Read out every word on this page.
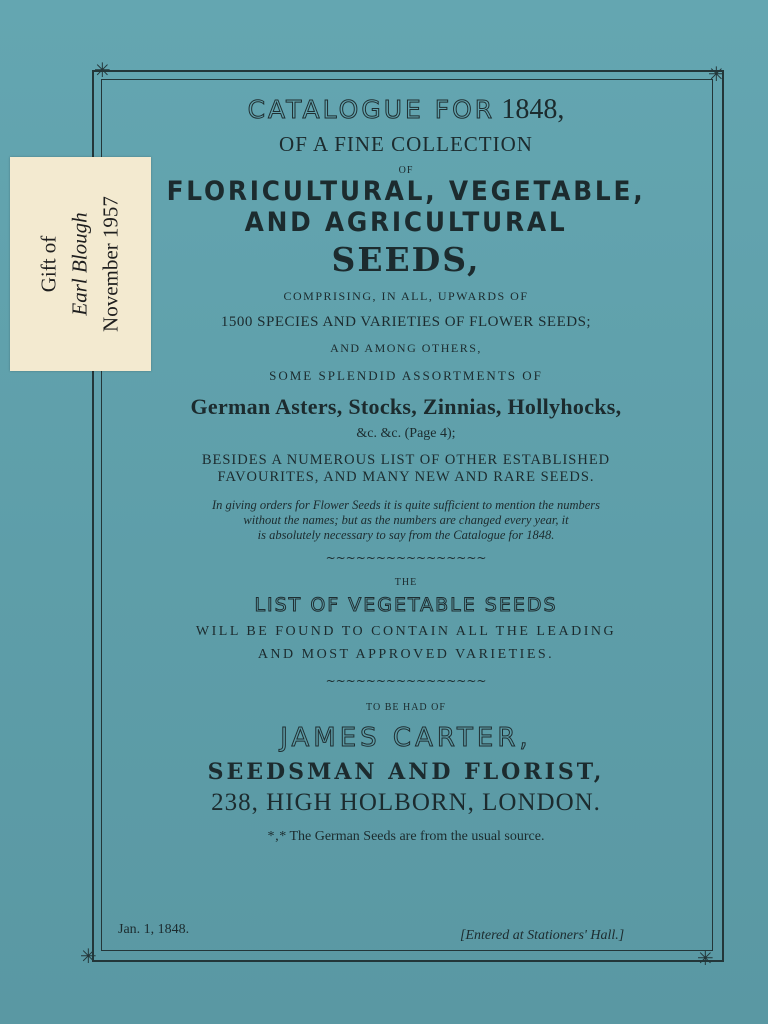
✳	✳
✳	✳
CATALOGUE FOR 1848,
OF A FINE COLLECTION
OF
FLORICULTURAL, VEGETABLE,
AND AGRICULTURAL
SEEDS,
COMPRISING, IN ALL, UPWARDS OF
1500 SPECIES AND VARIETIES OF FLOWER SEEDS;
AND AMONG OTHERS,
SOME SPLENDID ASSORTMENTS OF
German Asters, Stocks, Zinnias, Hollyhocks,
&c. &c. (Page 4);
BESIDES A NUMEROUS LIST OF OTHER ESTABLISHED
FAVOURITES, AND MANY NEW AND RARE SEEDS.
In giving orders for Flower Seeds it is quite sufficient to mention the numbers
without the names; but as the numbers are changed every year, it
is absolutely necessary to say from the Catalogue for 1848.
~~~~~~~~~~~~~~~~
THE
LIST OF VEGETABLE SEEDS
WILL BE FOUND TO CONTAIN ALL THE LEADING
AND MOST APPROVED VARIETIES.
~~~~~~~~~~~~~~~~
TO BE HAD OF
JAMES CARTER,
SEEDSMAN AND FLORIST,
238, HIGH HOLBORN, LONDON.
*‚* The German Seeds are from the usual source.
Jan. 1, 1848.	[Entered at Stationers' Hall.]
Gift of Earl Blough November 1957
